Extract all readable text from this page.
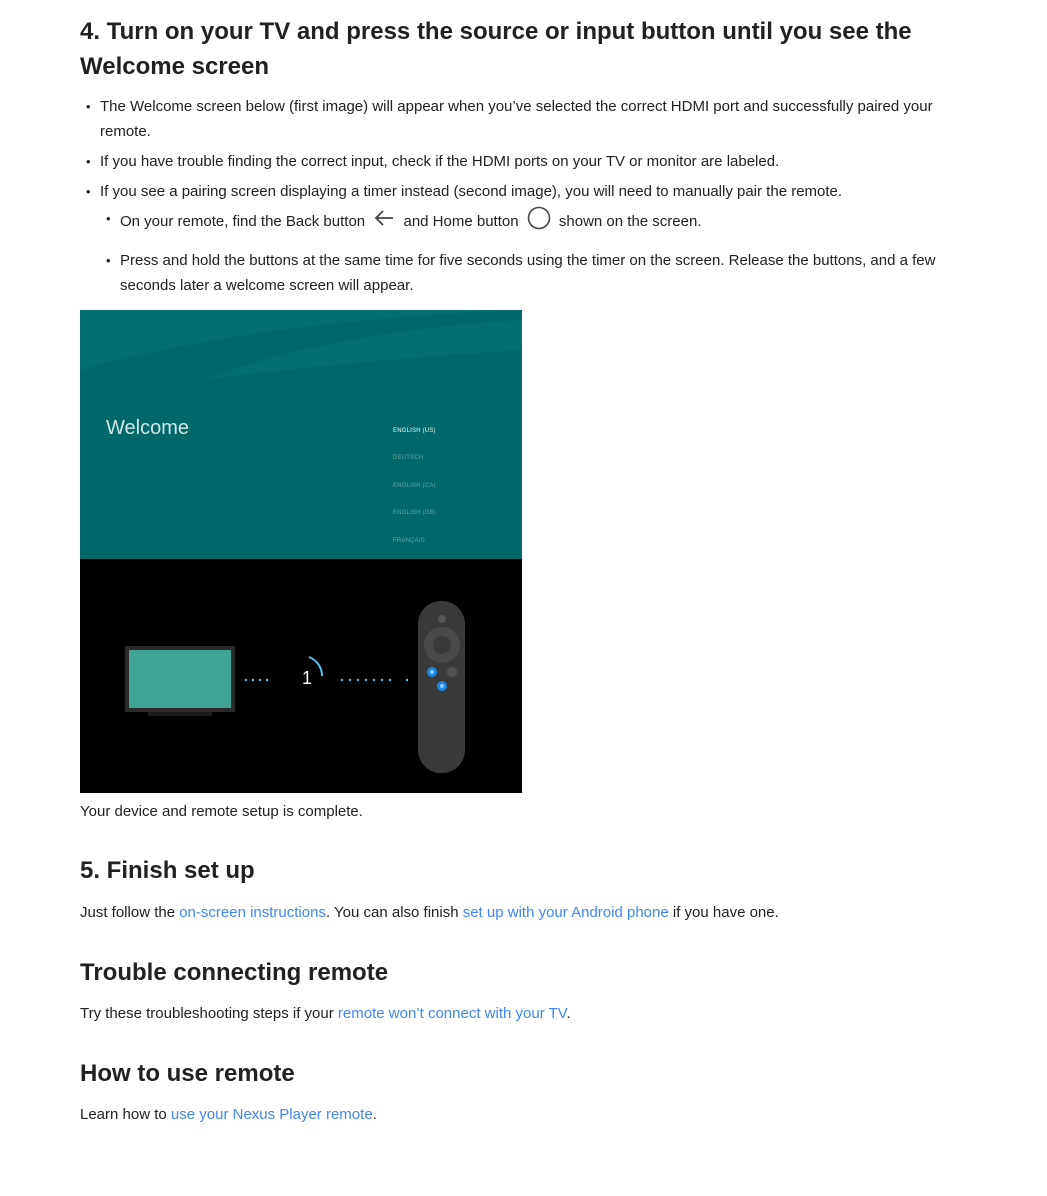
4. Turn on your TV and press the source or input button until you see the Welcome screen
• The Welcome screen below (first image) will appear when you’ve selected the correct HDMI port and successfully paired your remote.
• If you have trouble finding the correct input, check if the HDMI ports on your TV or monitor are labeled.
• If you see a pairing screen displaying a timer instead (second image), you will need to manually pair the remote.
• On your remote, find the Back button	and Home button	shown on the screen.
• Press and hold the buttons at the same time for five seconds using the timer on the screen. Release the buttons, and a few seconds later a welcome screen will appear.
Welcome	ENGLISH (US)
DEUTSCH
ENGLISH (CA)
ENGLISH (GB)
FRANÇAIS
1
Your device and remote setup is complete.
5. Finish set up
Just follow the on-screen instructions. You can also finish set up with your Android phone if you have one.
Trouble connecting remote
Try these troubleshooting steps if your remote won’t connect with your TV.
How to use remote
Learn how to use your Nexus Player remote.
